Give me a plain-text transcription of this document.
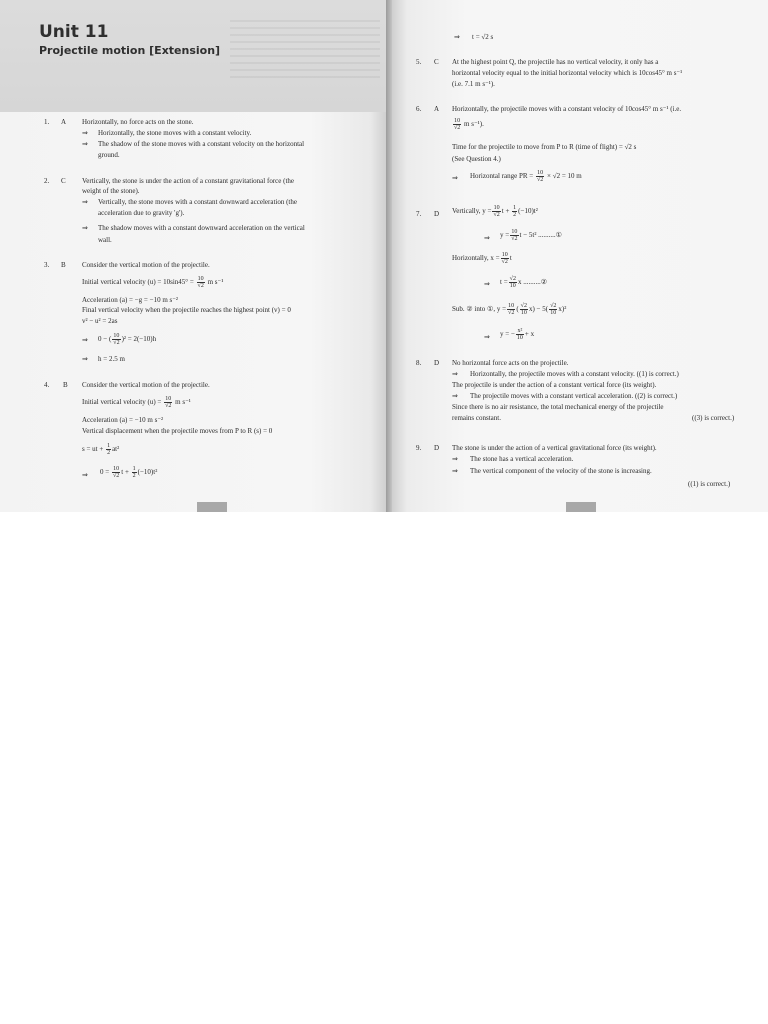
Unit 11
Projectile motion [Extension]
1. A Horizontally, no force acts on the stone.
⇒ Horizontally, the stone moves with a constant velocity.
⇒ The shadow of the stone moves with a constant velocity on the horizontal
ground.
2. C Vertically, the stone is under the action of a constant gravitational force (the
weight of the stone).
⇒ Vertically, the stone moves with a constant downward acceleration (the
acceleration due to gravity 'g').
⇒ The shadow moves with a constant downward acceleration on the vertical
wall.
3. B Consider the vertical motion of the projectile.
Initial vertical velocity $(u) = 10\sin 45^\circ = \frac{10}{√2}$ m s⁻¹
Acceleration (a) = −g = −10 m s⁻²
Final vertical velocity when the projectile reaches the highest point (v) = 0
v² − u² = 2as
⇒ 0 − ( $\frac{10}{√2} )^2 = 2(-10)h$
⇒ h = 2.5 m
4. B Consider the vertical motion of the projectile.
Initial vertical velocity $(u) = \frac{10}{√2}$ m s⁻¹
Acceleration (a) = −10 m s⁻²
Vertical displacement when the projectile moves from P to R (s) = 0
s = ut + $\frac{1}{2} at^2$
⇒ $0 = \frac{10}{√2}$ $t + \frac{1}{2} (-10)t^2$
⇒ t = √2 s
5. C At the highest point Q, the projectile has no vertical velocity, it only has a
horizontal velocity equal to the initial horizontal velocity which is 10cos45° m s⁻¹
(i.e. 7.1 m s⁻¹).
6. A Horizontally, the projectile moves with a constant velocity of 10cos45° m s⁻¹ (i.e.
$\frac{10}{√2}$ m s⁻¹).
Time for the projectile to move from P to R (time of flight) = √2 s
(See Question 4.)
⇒ Horizontal range PR = $\frac{10}{√2} \times √2 = 10$ m
7. D Vertically, $y = \frac{10}{√2}$ $t + \frac{1}{2} (-10)t^2$
⇒ $y = \frac{10}{√2}$ t − 5t² ..........①
Horizontally, $x = \frac{10}{√2}$ t
⇒ $t = \frac{√2}{10}$ x ..........②
Sub. ② into ①, $y = \frac{10}{√2}$ ( $\frac{√2}{10} x) - 5( \frac{√2}{10} x)^2$
⇒ y = − $\frac{\text{x²}}{10} + x$
8. D No horizontal force acts on the projectile.
⇒ Horizontally, the projectile moves with a constant velocity. ((1) is correct.)
The projectile is under the action of a constant vertical force (its weight).
⇒ The projectile moves with a constant vertical acceleration. ((2) is correct.)
Since there is no air resistance, the total mechanical energy of the projectile
remains constant.	((3) is correct.)
9. D The stone is under the action of a vertical gravitational force (its weight).
⇒ The stone has a vertical acceleration.
⇒ The vertical component of the velocity of the stone is increasing.
((1) is correct.)
